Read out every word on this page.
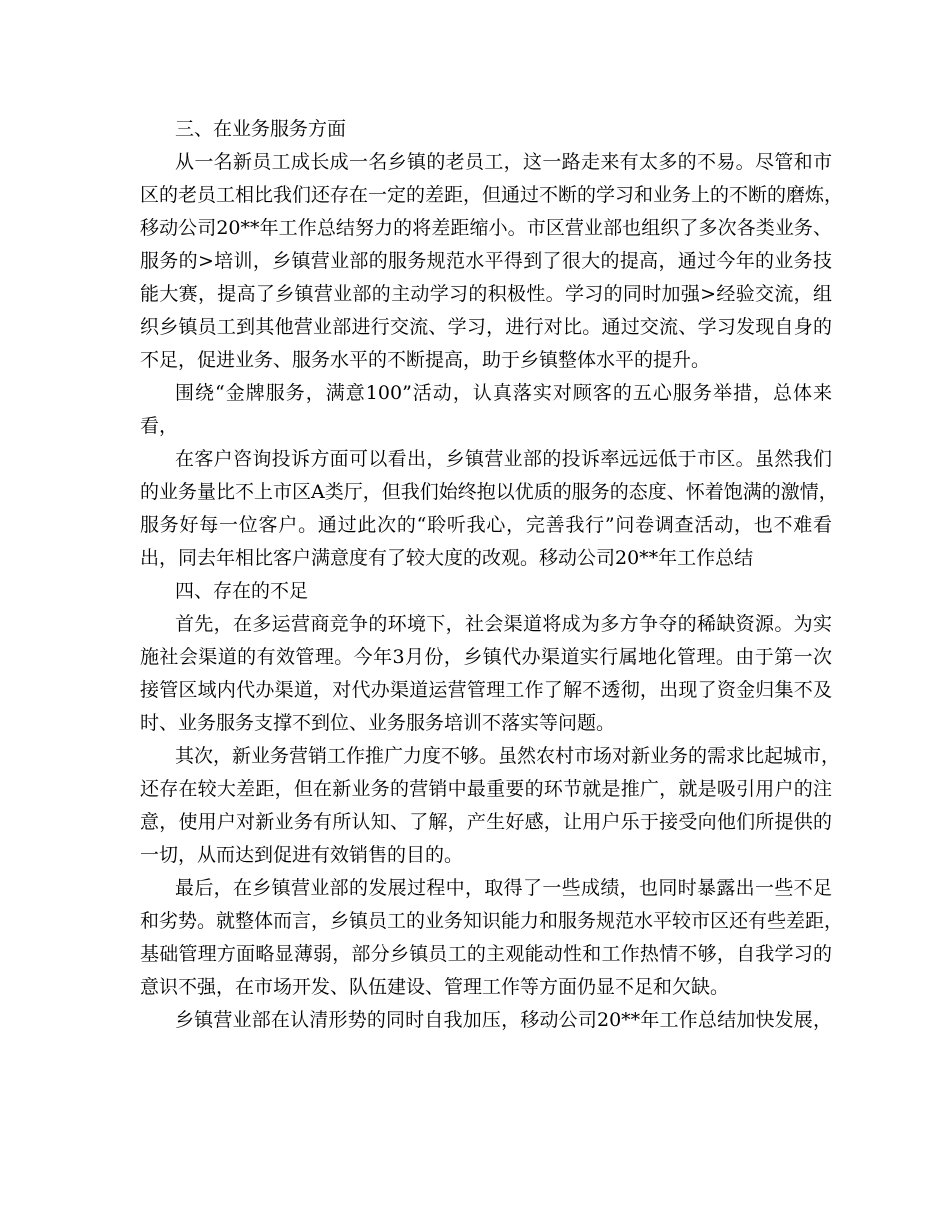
三、在业务服务方面
从一名新员工成长成一名乡镇的老员工，这一路走来有太多的不易。尽管和市
区的老员工相比我们还存在一定的差距，但通过不断的学习和业务上的不断的磨炼，
移动公司20**年工作总结努力的将差距缩小。市区营业部也组织了多次各类业务、
服务的>培训，乡镇营业部的服务规范水平得到了很大的提高，通过今年的业务技
能大赛，提高了乡镇营业部的主动学习的积极性。学习的同时加强>经验交流，组
织乡镇员工到其他营业部进行交流、学习，进行对比。通过交流、学习发现自身的
不足，促进业务、服务水平的不断提高，助于乡镇整体水平的提升。
围绕“金牌服务，满意100”活动，认真落实对顾客的五心服务举措，总体来
看，
在客户咨询投诉方面可以看出，乡镇营业部的投诉率远远低于市区。虽然我们
的业务量比不上市区A类厅，但我们始终抱以优质的服务的态度、怀着饱满的激情，
服务好每一位客户。通过此次的“聆听我心，完善我行”问卷调查活动，也不难看
出，同去年相比客户满意度有了较大度的改观。移动公司20**年工作总结
四、存在的不足
首先，在多运营商竞争的环境下，社会渠道将成为多方争夺的稀缺资源。为实
施社会渠道的有效管理。今年3月份，乡镇代办渠道实行属地化管理。由于第一次
接管区域内代办渠道，对代办渠道运营管理工作了解不透彻，出现了资金归集不及
时、业务服务支撑不到位、业务服务培训不落实等问题。
其次，新业务营销工作推广力度不够。虽然农村市场对新业务的需求比起城市，
还存在较大差距，但在新业务的营销中最重要的环节就是推广，就是吸引用户的注
意，使用户对新业务有所认知、了解，产生好感，让用户乐于接受向他们所提供的
一切，从而达到促进有效销售的目的。
最后，在乡镇营业部的发展过程中，取得了一些成绩，也同时暴露出一些不足
和劣势。就整体而言，乡镇员工的业务知识能力和服务规范水平较市区还有些差距，
基础管理方面略显薄弱，部分乡镇员工的主观能动性和工作热情不够，自我学习的
意识不强，在市场开发、队伍建设、管理工作等方面仍显不足和欠缺。
乡镇营业部在认清形势的同时自我加压，移动公司20**年工作总结加快发展，
